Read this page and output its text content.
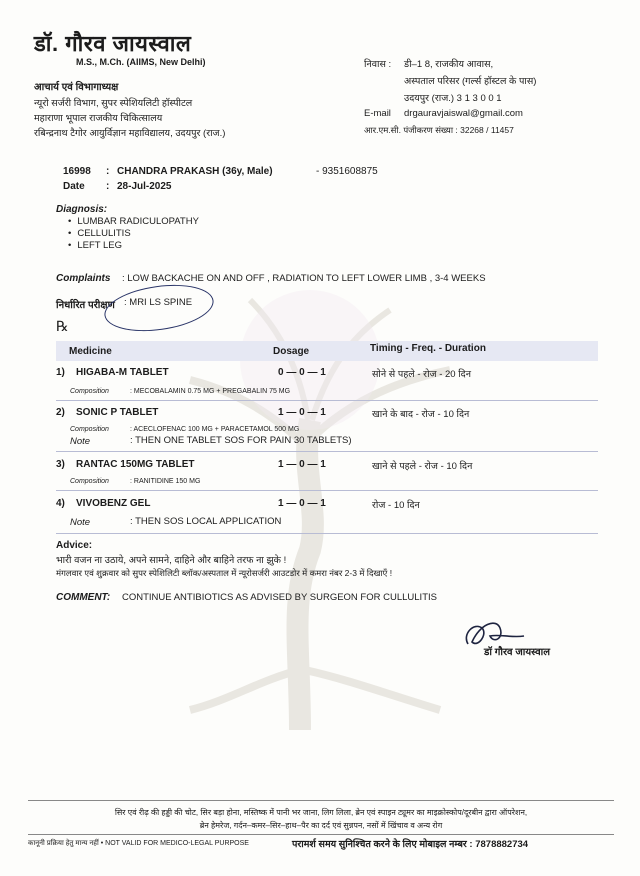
डॉ. गौरव जायस्वाल
M.S., M.Ch. (AIIMS, New Delhi)
आचार्य एवं विभागाध्यक्ष
न्यूरो सर्जरी विभाग, सुपर स्पेशियलिटी हॉस्पीटल
महाराणा भूपाल राजकीय चिकित्सालय
रबिन्द्रनाथ टैगोर आयुर्विज्ञान महाविद्यालय, उदयपुर (राज.)
निवास : डी–1 8, राजकीय आवास,
अस्पताल परिसर (गर्ल्स हॉस्टल के पास)
उदयपुर (राज.) 3 1 3 0 0 1
E-mail drgauravjaiswal@gmail.com
आर.एम.सी. पंजीकरण संख्या : 32268 / 11457
16998 : CHANDRA PRAKASH (36y, Male)	- 9351608875
Date : 28-Jul-2025
Diagnosis:
• LUMBAR RADICULOPATHY
• CELLULITIS
• LEFT LEG
Complaints : LOW BACKACHE ON AND OFF , RADIATION TO LEFT LOWER LIMB , 3-4 WEEKS
निर्धारित परीक्षण : MRI LS SPINE
℞
Medicine	Dosage	Timing - Freq. - Duration
1) HIGABA-M TABLET	0 — 0 — 1	सोने से पहले - रोज - 20 दिन
Composition	: MECOBALAMIN 0.75 MG + PREGABALIN 75 MG
2) SONIC P TABLET	1 — 0 — 1	खाने के बाद - रोज - 10 दिन
Composition	: ACECLOFENAC 100 MG + PARACETAMOL 500 MG
Note	: THEN ONE TABLET SOS FOR PAIN 30 TABLETS)
3) RANTAC 150MG TABLET	1 — 0 — 1	खाने से पहले - रोज - 10 दिन
Composition	: RANITIDINE 150 MG
4) VIVOBENZ GEL	1 — 0 — 1	रोज - 10 दिन
Note	: THEN SOS LOCAL APPLICATION
Advice:
भारी वजन ना उठाये, अपने सामने, दाहिने और बाहिने तरफ ना झुके !
मंगलवार एवं शुक्रवार को सुपर स्पेशिलिटी ब्लॉक/अस्पताल में न्यूरोसर्जरी आउटडोर में कमरा नंबर 2-3 में दिखाएँ !
COMMENT: CONTINUE ANTIBIOTICS AS ADVISED BY SURGEON FOR CULLULITIS
डॉ गौरव जायस्वाल
सिर एवं रीढ़ की हड्डी की चोट, सिर बड़ा होना, मस्तिष्क में पानी भर जाना, लिग लिला, ब्रेन एवं स्पाइन ट्यूमर का माइक्रोस्कोप/दूरबीन द्वारा ऑपरेशन,
ब्रेन हेमरेज, गर्दन–कमर–सिर–हाथ–पैर का दर्द एवं सुन्नपन, नसों में खिंचाव व अन्य रोग
कानूनी प्रक्रिया हेतु मान्य नहीं • NOT VALID FOR MEDICO-LEGAL PURPOSE	परामर्श समय सुनिश्चित करने के लिए मोबाइल नम्बर : 7878882734
